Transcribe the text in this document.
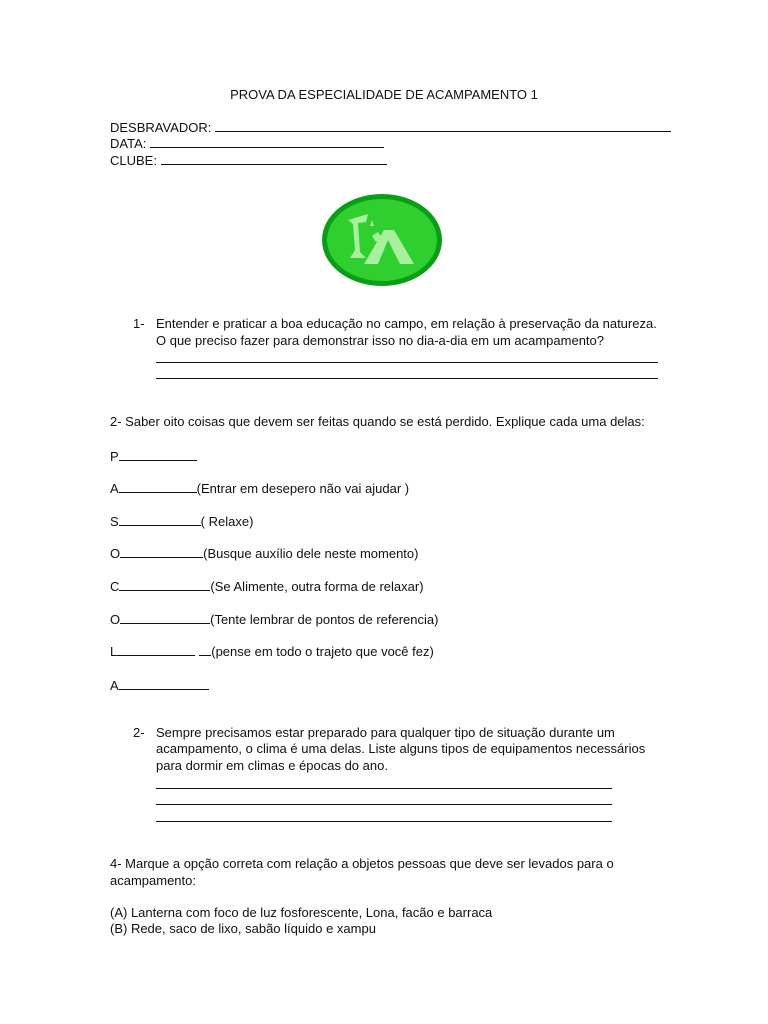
PROVA DA ESPECIALIDADE DE ACAMPAMENTO 1
DESBRAVADOR:
DATA:
CLUBE:
1- Entender e praticar a boa educação no campo, em relação à preservação da natureza.
O que preciso fazer para demonstrar isso no dia-a-dia em um acampamento?
2- Saber oito coisas que devem ser feitas quando se está perdido. Explique cada uma delas:
P
A	(Entrar em desepero não vai ajudar )
S	( Relaxe)
O	(Busque auxílio dele neste momento)
C	(Se Alimente, outra forma de relaxar)
O	(Tente lembrar de pontos de referencia)
L	(pense em todo o trajeto que você fez)
A
2- Sempre precisamos estar preparado para qualquer tipo de situação durante um
acampamento, o clima é uma delas. Liste alguns tipos de equipamentos necessários
para dormir em climas e épocas do ano.
4- Marque a opção correta com relação a objetos pessoas que deve ser levados para o
acampamento:
(A) Lanterna com foco de luz fosforescente, Lona, facão e barraca
(B) Rede, saco de lixo, sabão líquido e xampu
